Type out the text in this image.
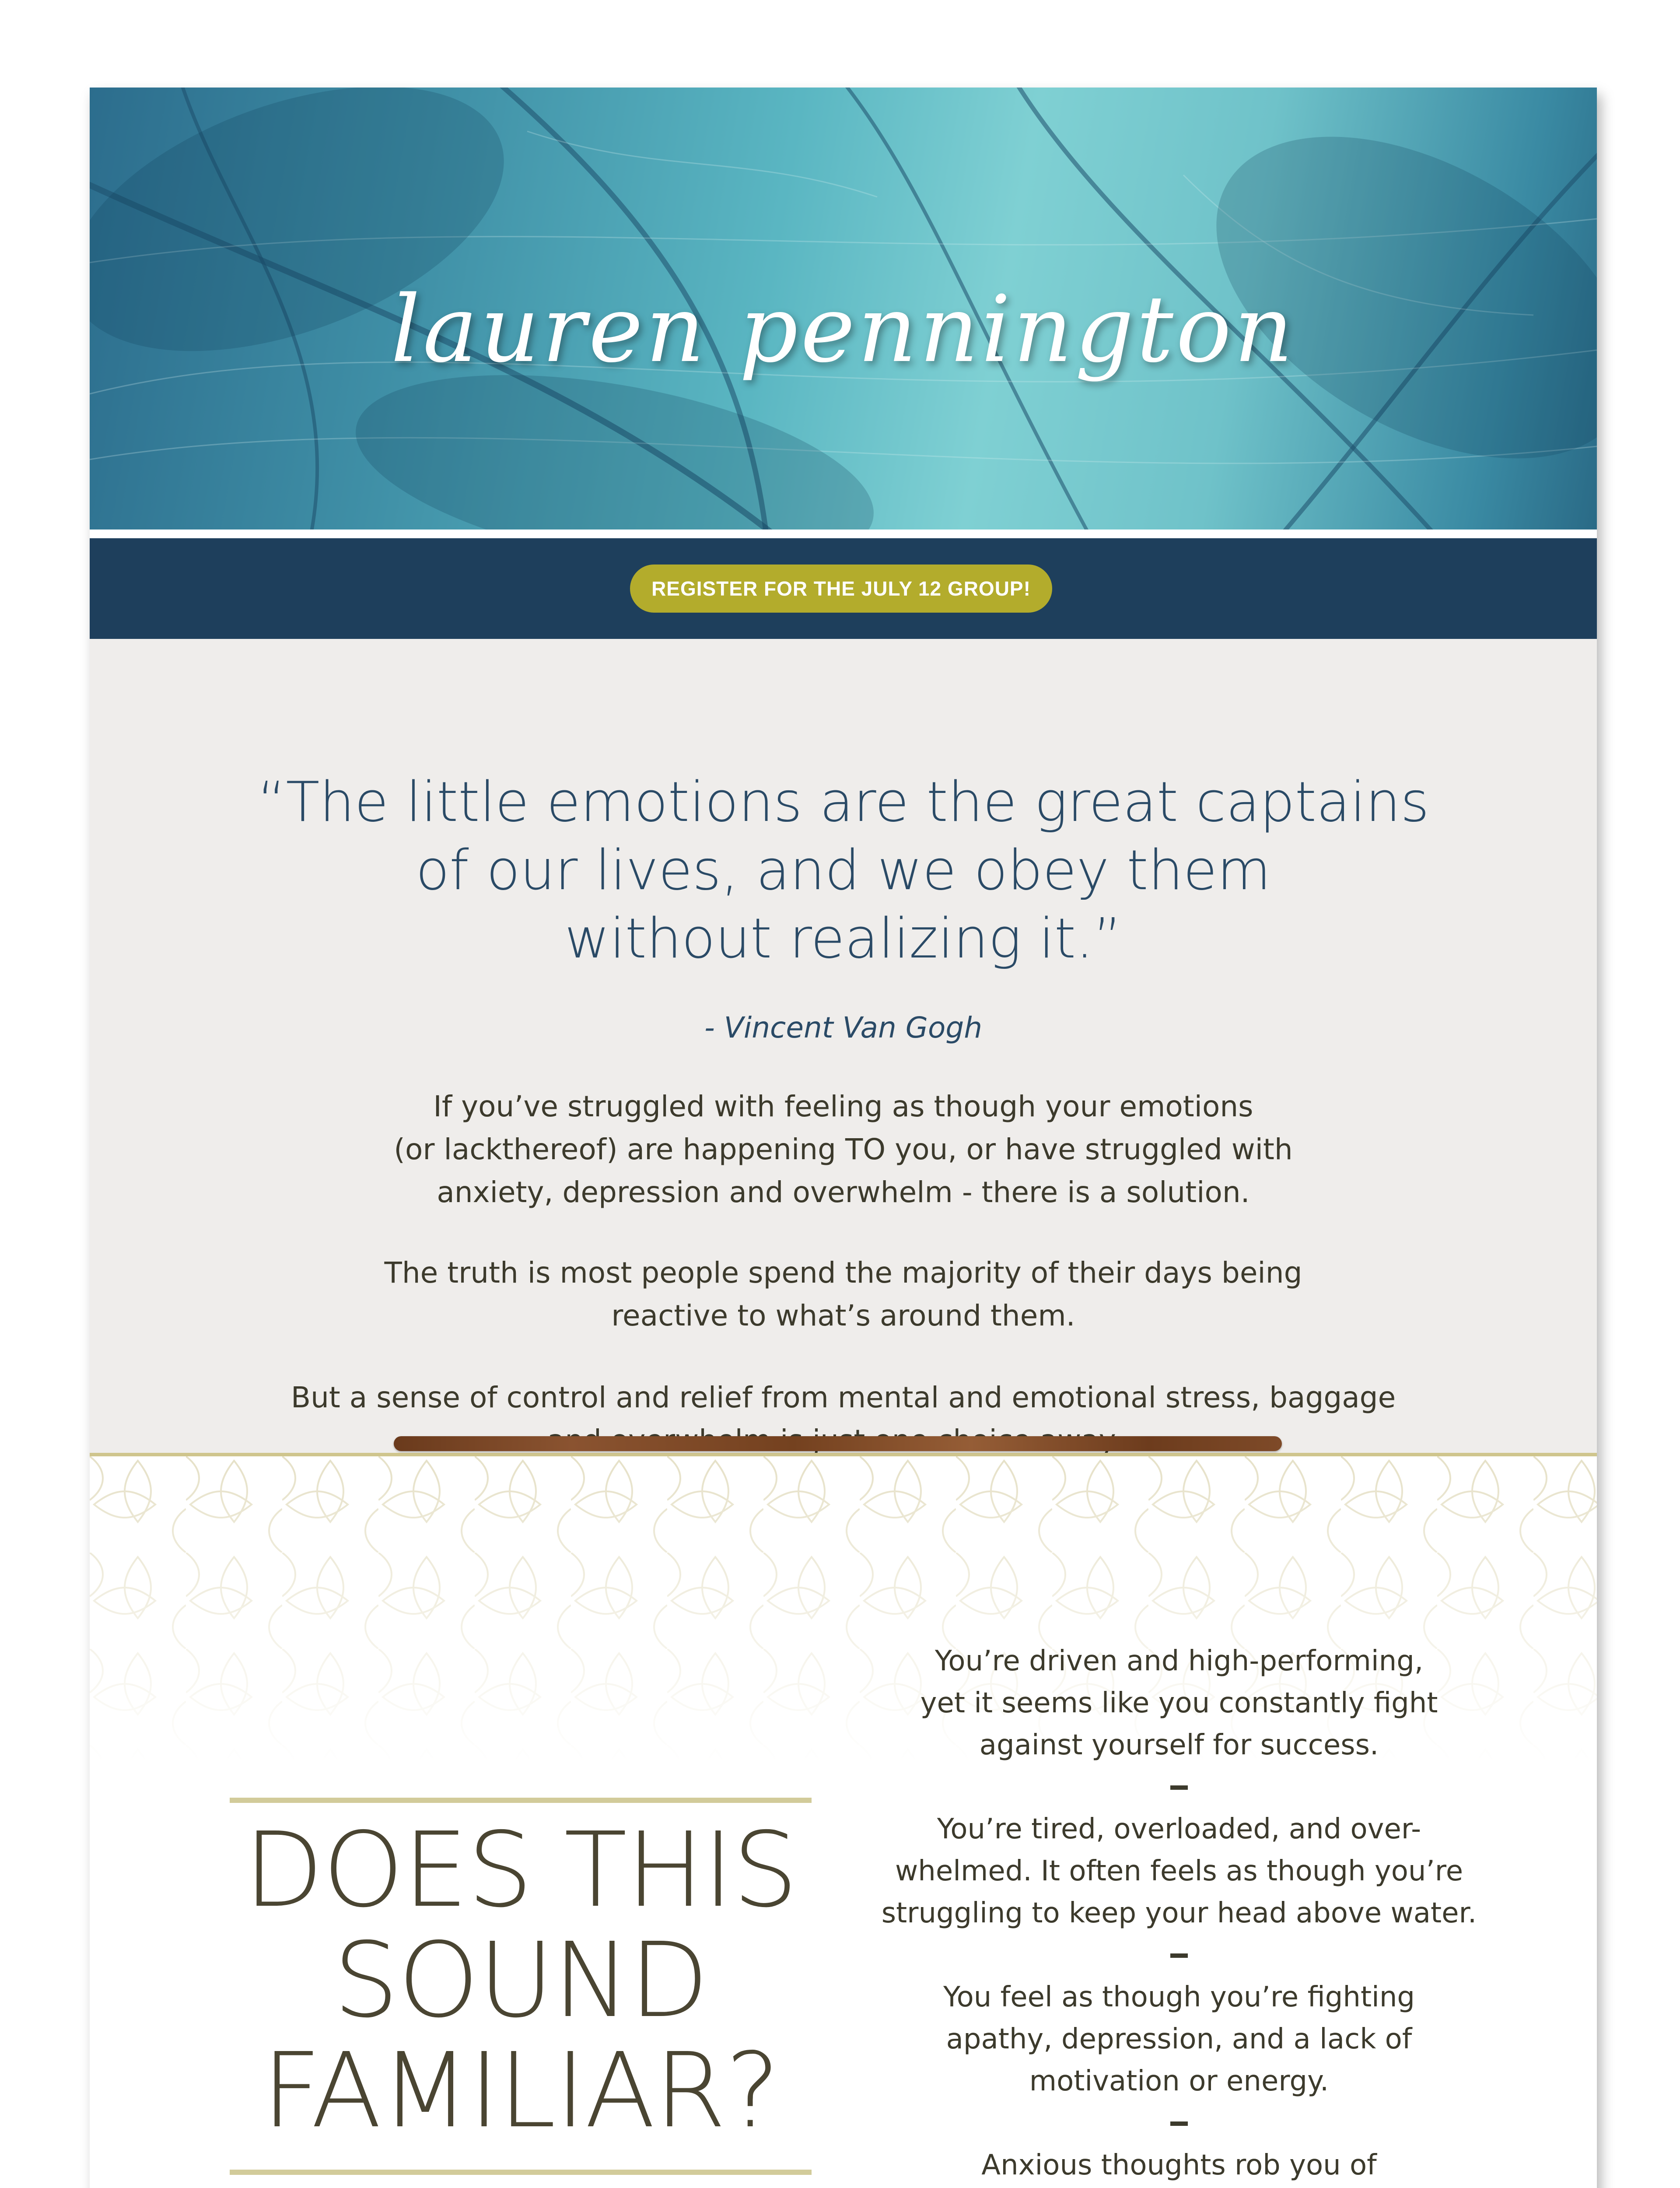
lauren pennington
REGISTER FOR THE JULY 12 GROUP!

“The little emotions are the great captains
of our lives, and we obey them
without realizing it.”

- Vincent Van Gogh

If you’ve struggled with feeling as though your emotions
(or lackthereof) are happening TO you, or have struggled with
anxiety, depression and overwhelm - there is a solution.

The truth is most people spend the majority of their days being
reactive to what’s around them.

But a sense of control and relief from mental and emotional stress, baggage

DOES THIS
SOUND
FAMILIAR?
You’re driven and high-performing,
yet it seems like you constantly fight
against yourself for success.
You’re tired, overloaded, and over-
whelmed. It often feels as though you’re
struggling to keep your head above water.
You feel as though you’re fighting
apathy, depression, and a lack of
motivation or energy.
Anxious thoughts rob you of
